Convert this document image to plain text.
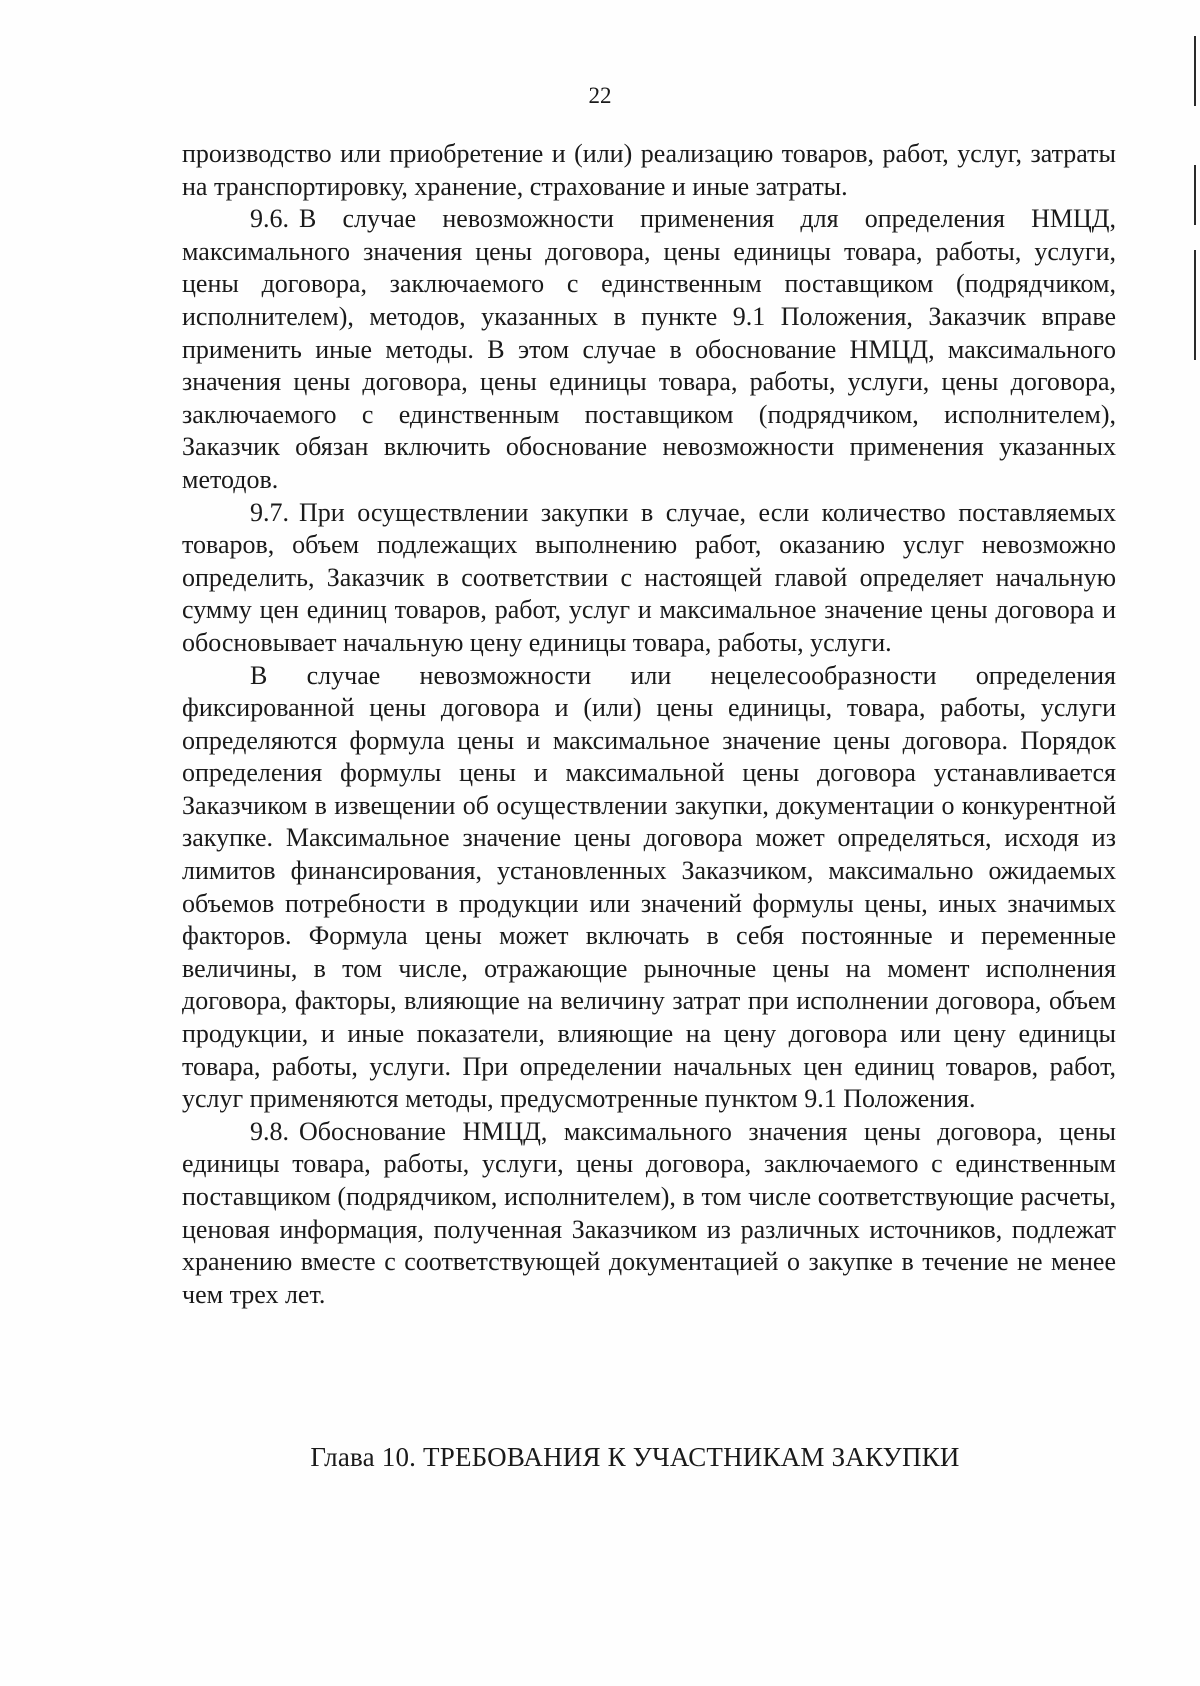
22

производство или приобретение и (или) реализацию товаров, работ, услуг, затраты на транспортировку, хранение, страхование и иные затраты.

9.6. В случае невозможности применения для определения НМЦД, максимального значения цены договора, цены единицы товара, работы, услуги, цены договора, заключаемого с единственным поставщиком (подрядчиком, исполнителем), методов, указанных в пункте 9.1 Положения, Заказчик вправе применить иные методы. В этом случае в обоснование НМЦД, максимального значения цены договора, цены единицы товара, работы, услуги, цены договора, заключаемого с единственным поставщиком (подрядчиком, исполнителем), Заказчик обязан включить обоснование невозможности применения указанных методов.

9.7. При осуществлении закупки в случае, если количество поставляемых товаров, объем подлежащих выполнению работ, оказанию услуг невозможно определить, Заказчик в соответствии с настоящей главой определяет начальную сумму цен единиц товаров, работ, услуг и максимальное значение цены договора и обосновывает начальную цену единицы товара, работы, услуги.

В случае невозможности или нецелесообразности определения фиксированной цены договора и (или) цены единицы, товара, работы, услуги определяются формула цены и максимальное значение цены договора. Порядок определения формулы цены и максимальной цены договора устанавливается Заказчиком в извещении об осуществлении закупки, документации о конкурентной закупке. Максимальное значение цены договора может определяться, исходя из лимитов финансирования, установленных Заказчиком, максимально ожидаемых объемов потребности в продукции или значений формулы цены, иных значимых факторов. Формула цены может включать в себя постоянные и переменные величины, в том числе, отражающие рыночные цены на момент исполнения договора, факторы, влияющие на величину затрат при исполнении договора, объем продукции, и иные показатели, влияющие на цену договора или цену единицы товара, работы, услуги. При определении начальных цен единиц товаров, работ, услуг применяются методы, предусмотренные пунктом 9.1 Положения.

9.8. Обоснование НМЦД, максимального значения цены договора, цены единицы товара, работы, услуги, цены договора, заключаемого с единственным поставщиком (подрядчиком, исполнителем), в том числе соответствующие расчеты, ценовая информация, полученная Заказчиком из различных источников, подлежат хранению вместе с соответствующей документацией о закупке в течение не менее чем трех лет.

Глава 10. ТРЕБОВАНИЯ К УЧАСТНИКАМ ЗАКУПКИ
